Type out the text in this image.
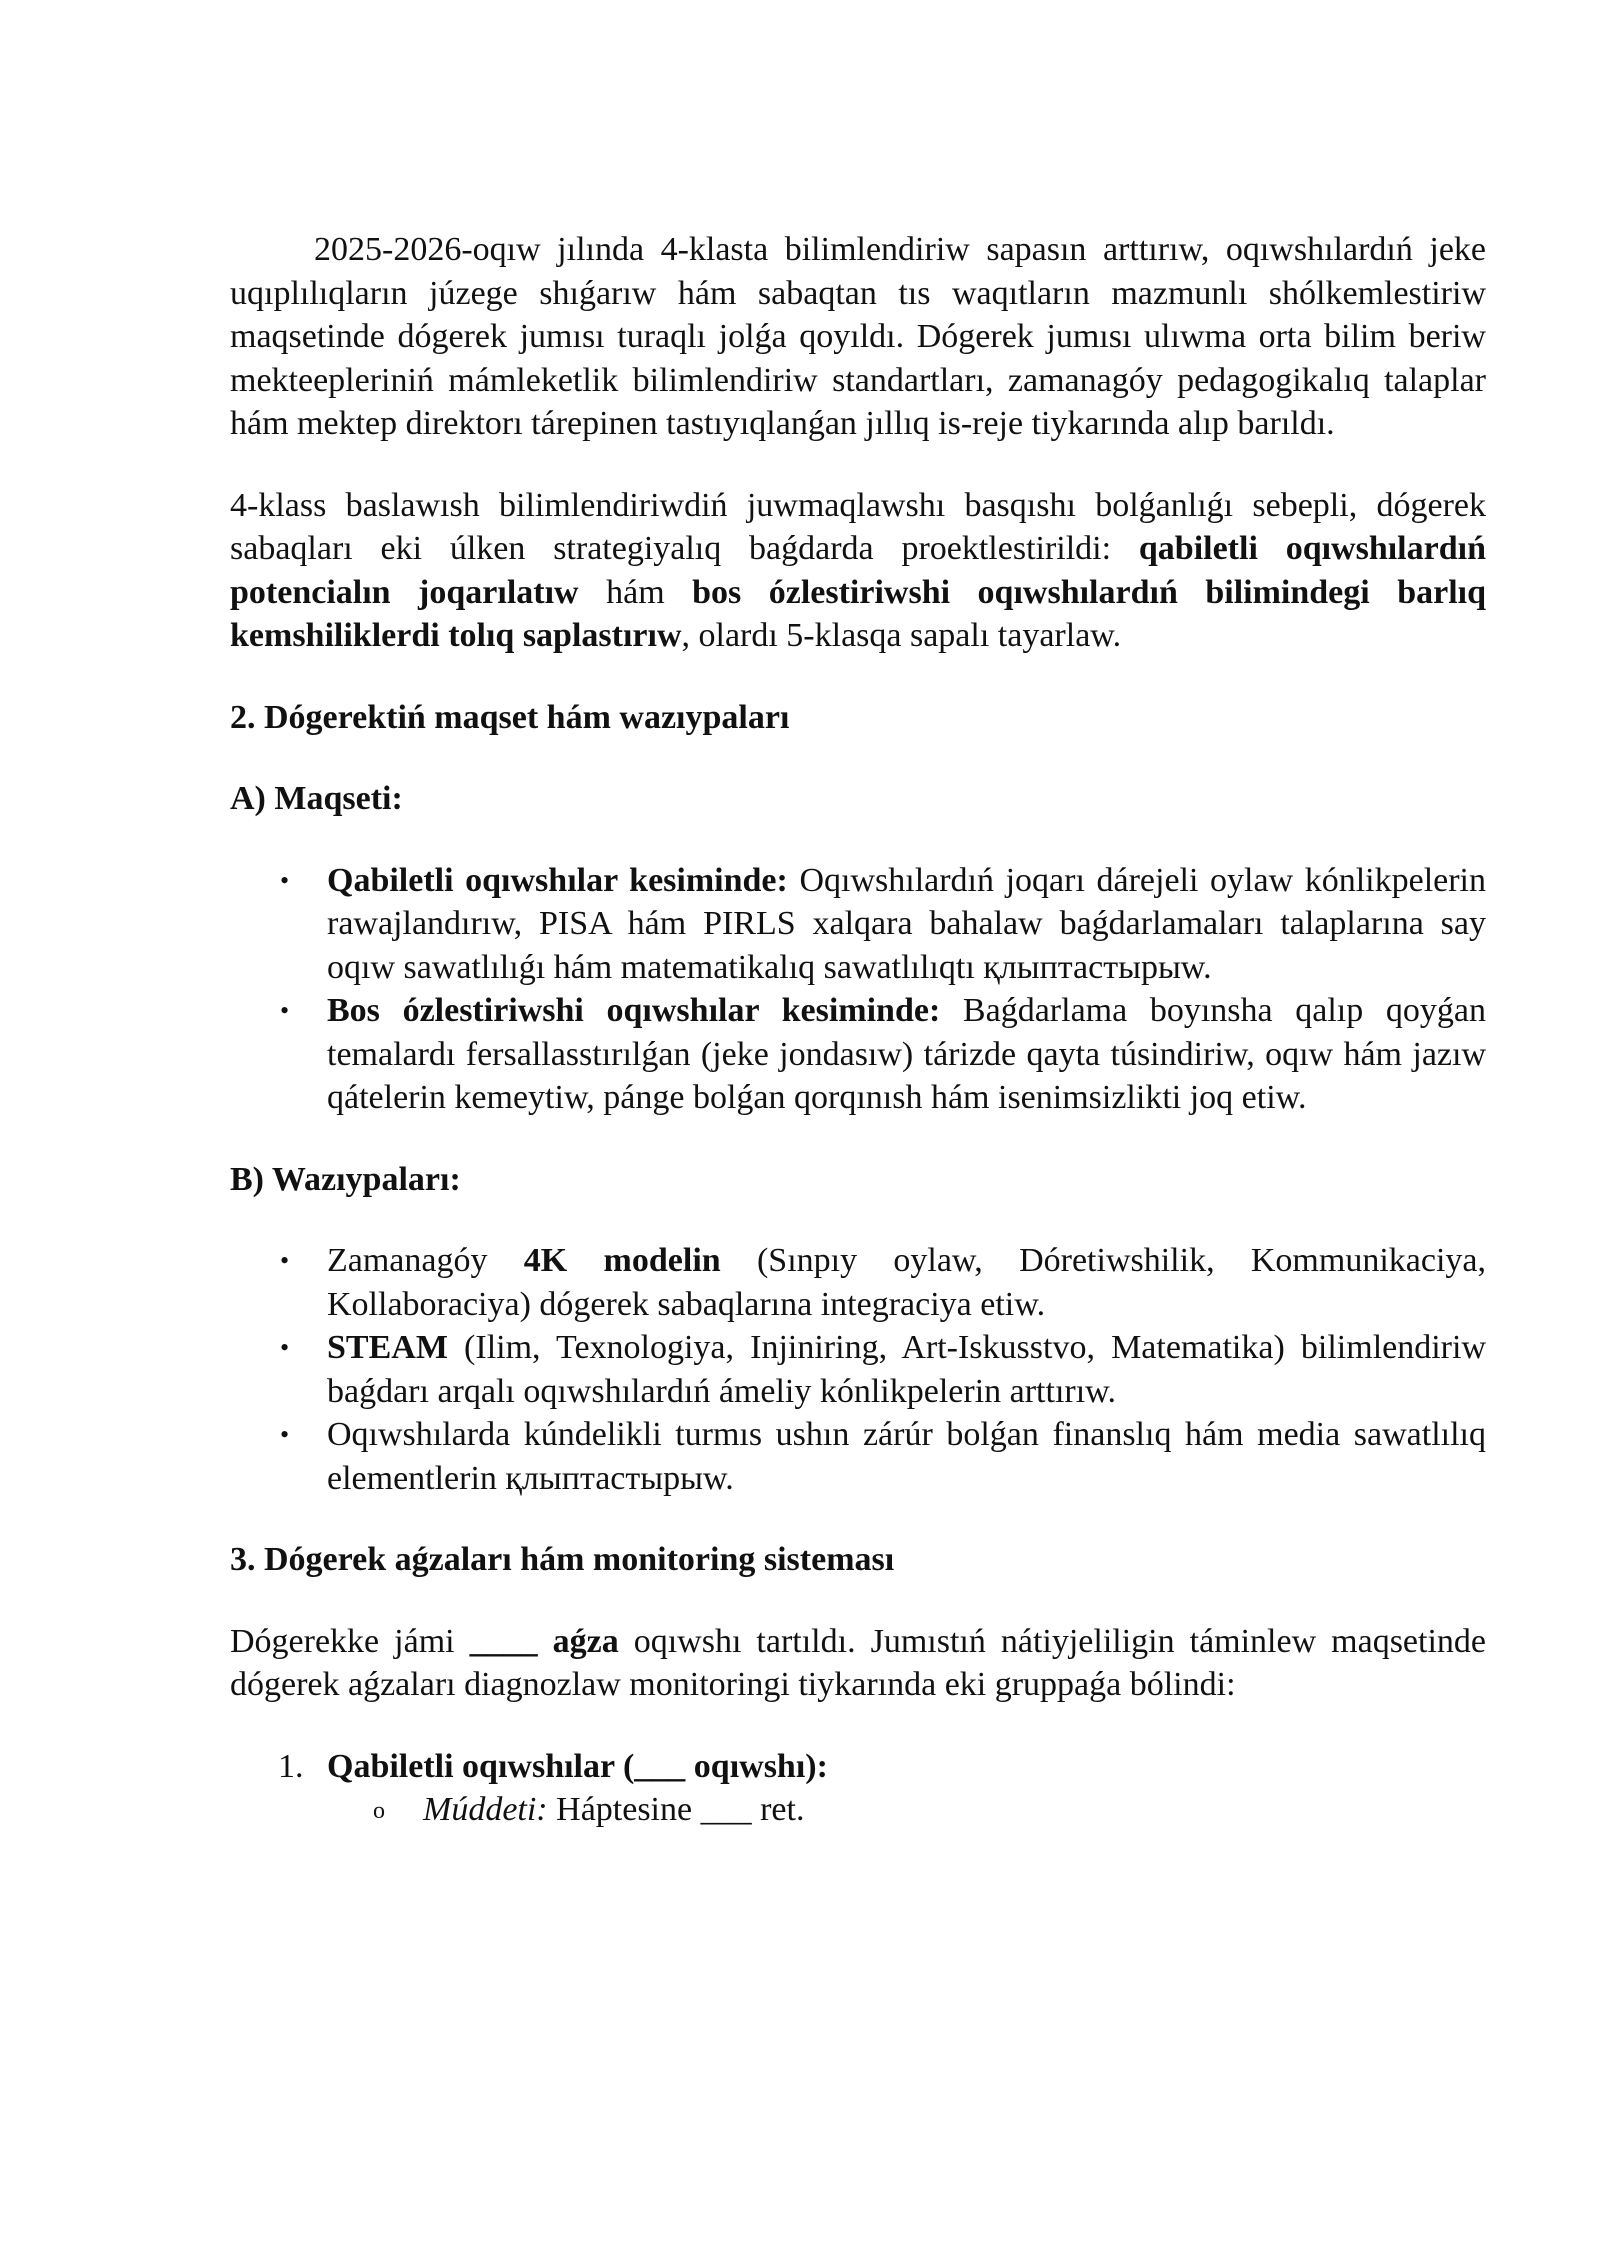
2025-2026-oqıw jılında 4-klasta bilimlendiriw sapasın arttırıw, oqıwshılardıń jeke uqıplılıqların júzege shıǵarıw hám sabaqtan tıs waqıtların mazmunlı shólkemlestiriw maqsetinde dógerek jumısı turaqlı jolǵa qoyıldı. Dógerek jumısı ulıwma orta bilim beriw mekteepleriniń mámleketlik bilimlendiriw standartları, zamanagóy pedagogikalıq talaplar hám mektep direktorı tárepinen tastıyıqlanǵan jıllıq is-reje tiykarında alıp barıldı.

4-klass baslawısh bilimlendiriwdiń juwmaqlawshı basqıshı bolǵanlıǵı sebepli, dógerek sabaqları eki úlken strategiyalıq baǵdarda proektlestirildi: qabiletli oqıwshılardıń potencialın joqarılatıw hám bos ózlestiriwshi oqıwshılardıń bilimindegi barlıq kemshiliklerdi tolıq saplastırıw, olardı 5-klasqa sapalı tayarlaw.

2. Dógerektiń maqset hám wazıypaları

A) Maqseti:

• Qabiletli oqıwshılar kesiminde: Oqıwshılardıń joqarı dárejeli oylaw kónlikpelerin rawajlandırıw, PISA hám PIRLS xalqara bahalaw baǵdarlamaları talaplarına say oqıw sawatlılıǵı hám matematikalıq sawatlılıqtı қлыптастырыw.
• Bos ózlestiriwshi oqıwshılar kesiminde: Baǵdarlama boyınsha qalıp qoyǵan temalardı fersallasstırılǵan (jeke jondasıw) tárizde qayta túsindiriw, oqıw hám jazıw qátelerin kemeytiw, pánge bolǵan qorqınısh hám isenimsizlikti joq etiw.

B) Wazıypaları:

• Zamanagóy 4K modelin (Sınpıy oylaw, Dóretiwshilik, Kommunikaciya, Kollaboraciya) dógerek sabaqlarına integraciya etiw.
• STEAM (Ilim, Texnologiya, Injiniring, Art-Iskusstvo, Matematika) bilimlendiriw baǵdarı arqalı oqıwshılardıń ámeliy kónlikpelerin arttırıw.
• Oqıwshılarda kúndelikli turmıs ushın zárúr bolǵan finanslıq hám media sawatlılıq elementlerin қлыптастырыw.

3. Dógerek aǵzaları hám monitoring sisteması

Dógerekke jámi ____ aǵza oqıwshı tartıldı. Jumıstıń nátiyjeliligin táminlew maqsetinde dógerek aǵzaları diagnozlaw monitoringi tiykarında eki gruppaǵa bólindi:

1. Qabiletli oqıwshılar (___ oqıwshı):
o Múddeti: Háptesine ___ ret.
